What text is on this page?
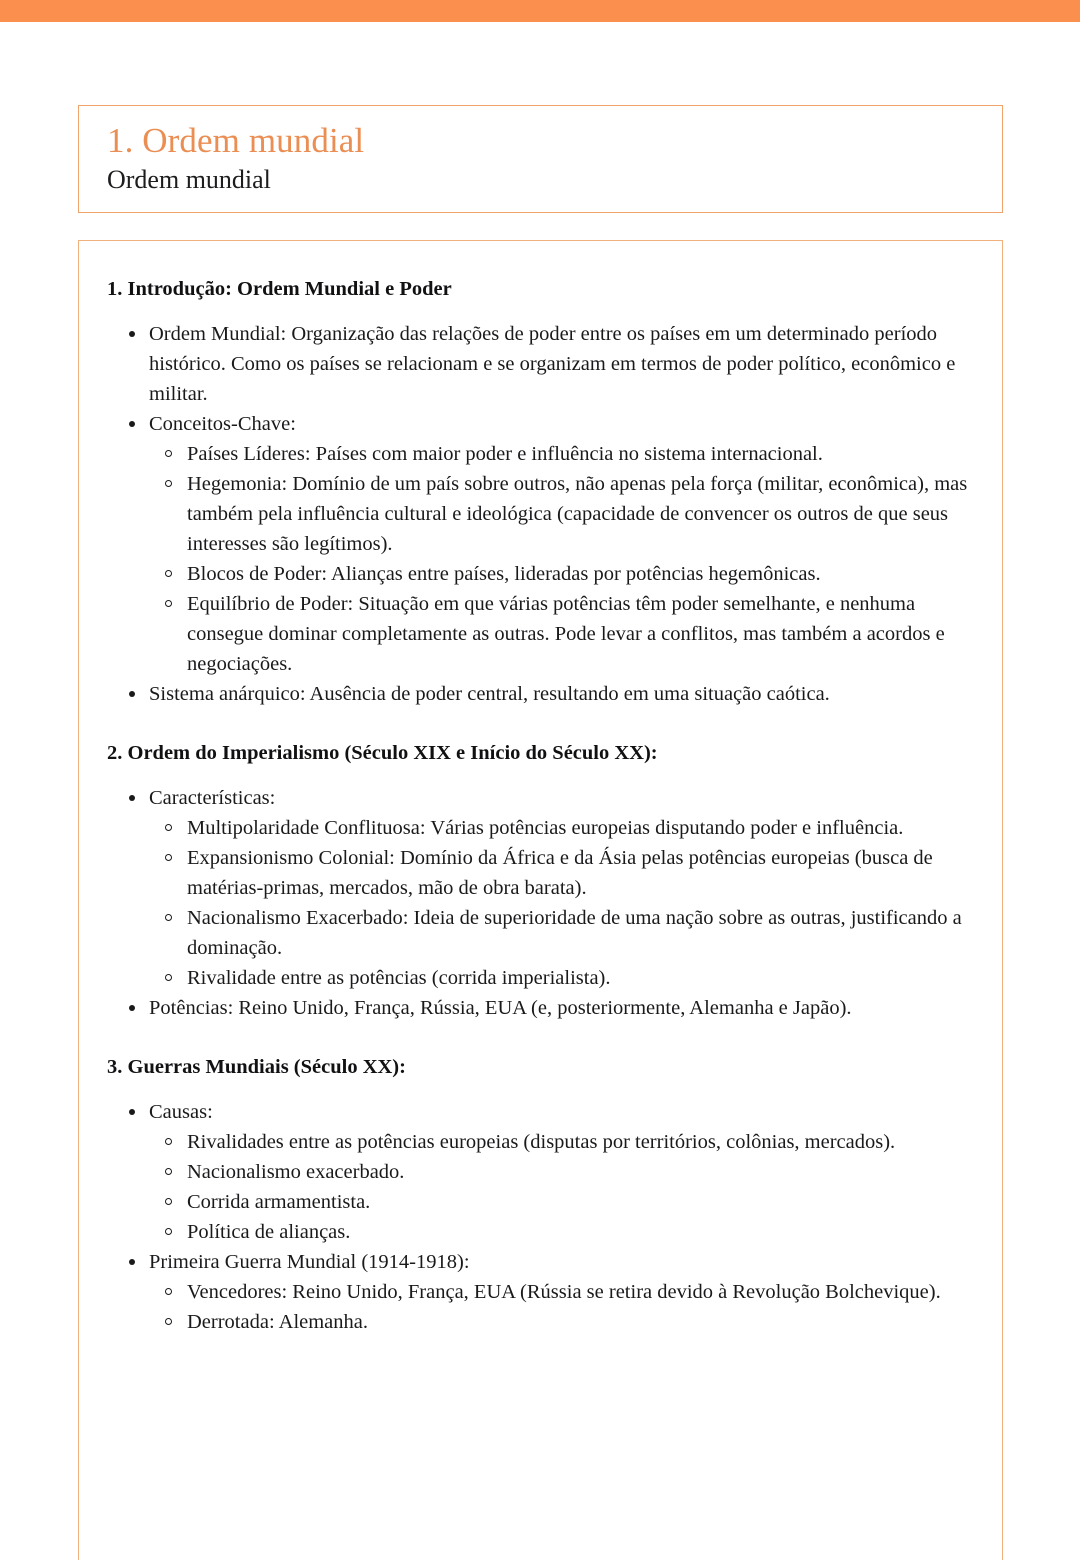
1. Ordem mundial
Ordem mundial
1. Introdução: Ordem Mundial e Poder
Ordem Mundial: Organização das relações de poder entre os países em um determinado período histórico. Como os países se relacionam e se organizam em termos de poder político, econômico e militar.
Conceitos-Chave:
Países Líderes: Países com maior poder e influência no sistema internacional.
Hegemonia: Domínio de um país sobre outros, não apenas pela força (militar, econômica), mas também pela influência cultural e ideológica (capacidade de convencer os outros de que seus interesses são legítimos).
Blocos de Poder: Alianças entre países, lideradas por potências hegemônicas.
Equilíbrio de Poder: Situação em que várias potências têm poder semelhante, e nenhuma consegue dominar completamente as outras. Pode levar a conflitos, mas também a acordos e negociações.
Sistema anárquico: Ausência de poder central, resultando em uma situação caótica.
2. Ordem do Imperialismo (Século XIX e Início do Século XX):
Características:
Multipolaridade Conflituosa: Várias potências europeias disputando poder e influência.
Expansionismo Colonial: Domínio da África e da Ásia pelas potências europeias (busca de matérias-primas, mercados, mão de obra barata).
Nacionalismo Exacerbado: Ideia de superioridade de uma nação sobre as outras, justificando a dominação.
Rivalidade entre as potências (corrida imperialista).
Potências: Reino Unido, França, Rússia, EUA (e, posteriormente, Alemanha e Japão).
3. Guerras Mundiais (Século XX):
Causas:
Rivalidades entre as potências europeias (disputas por territórios, colônias, mercados).
Nacionalismo exacerbado.
Corrida armamentista.
Política de alianças.
Primeira Guerra Mundial (1914-1918):
Vencedores: Reino Unido, França, EUA (Rússia se retira devido à Revolução Bolchevique).
Derrotada: Alemanha.
